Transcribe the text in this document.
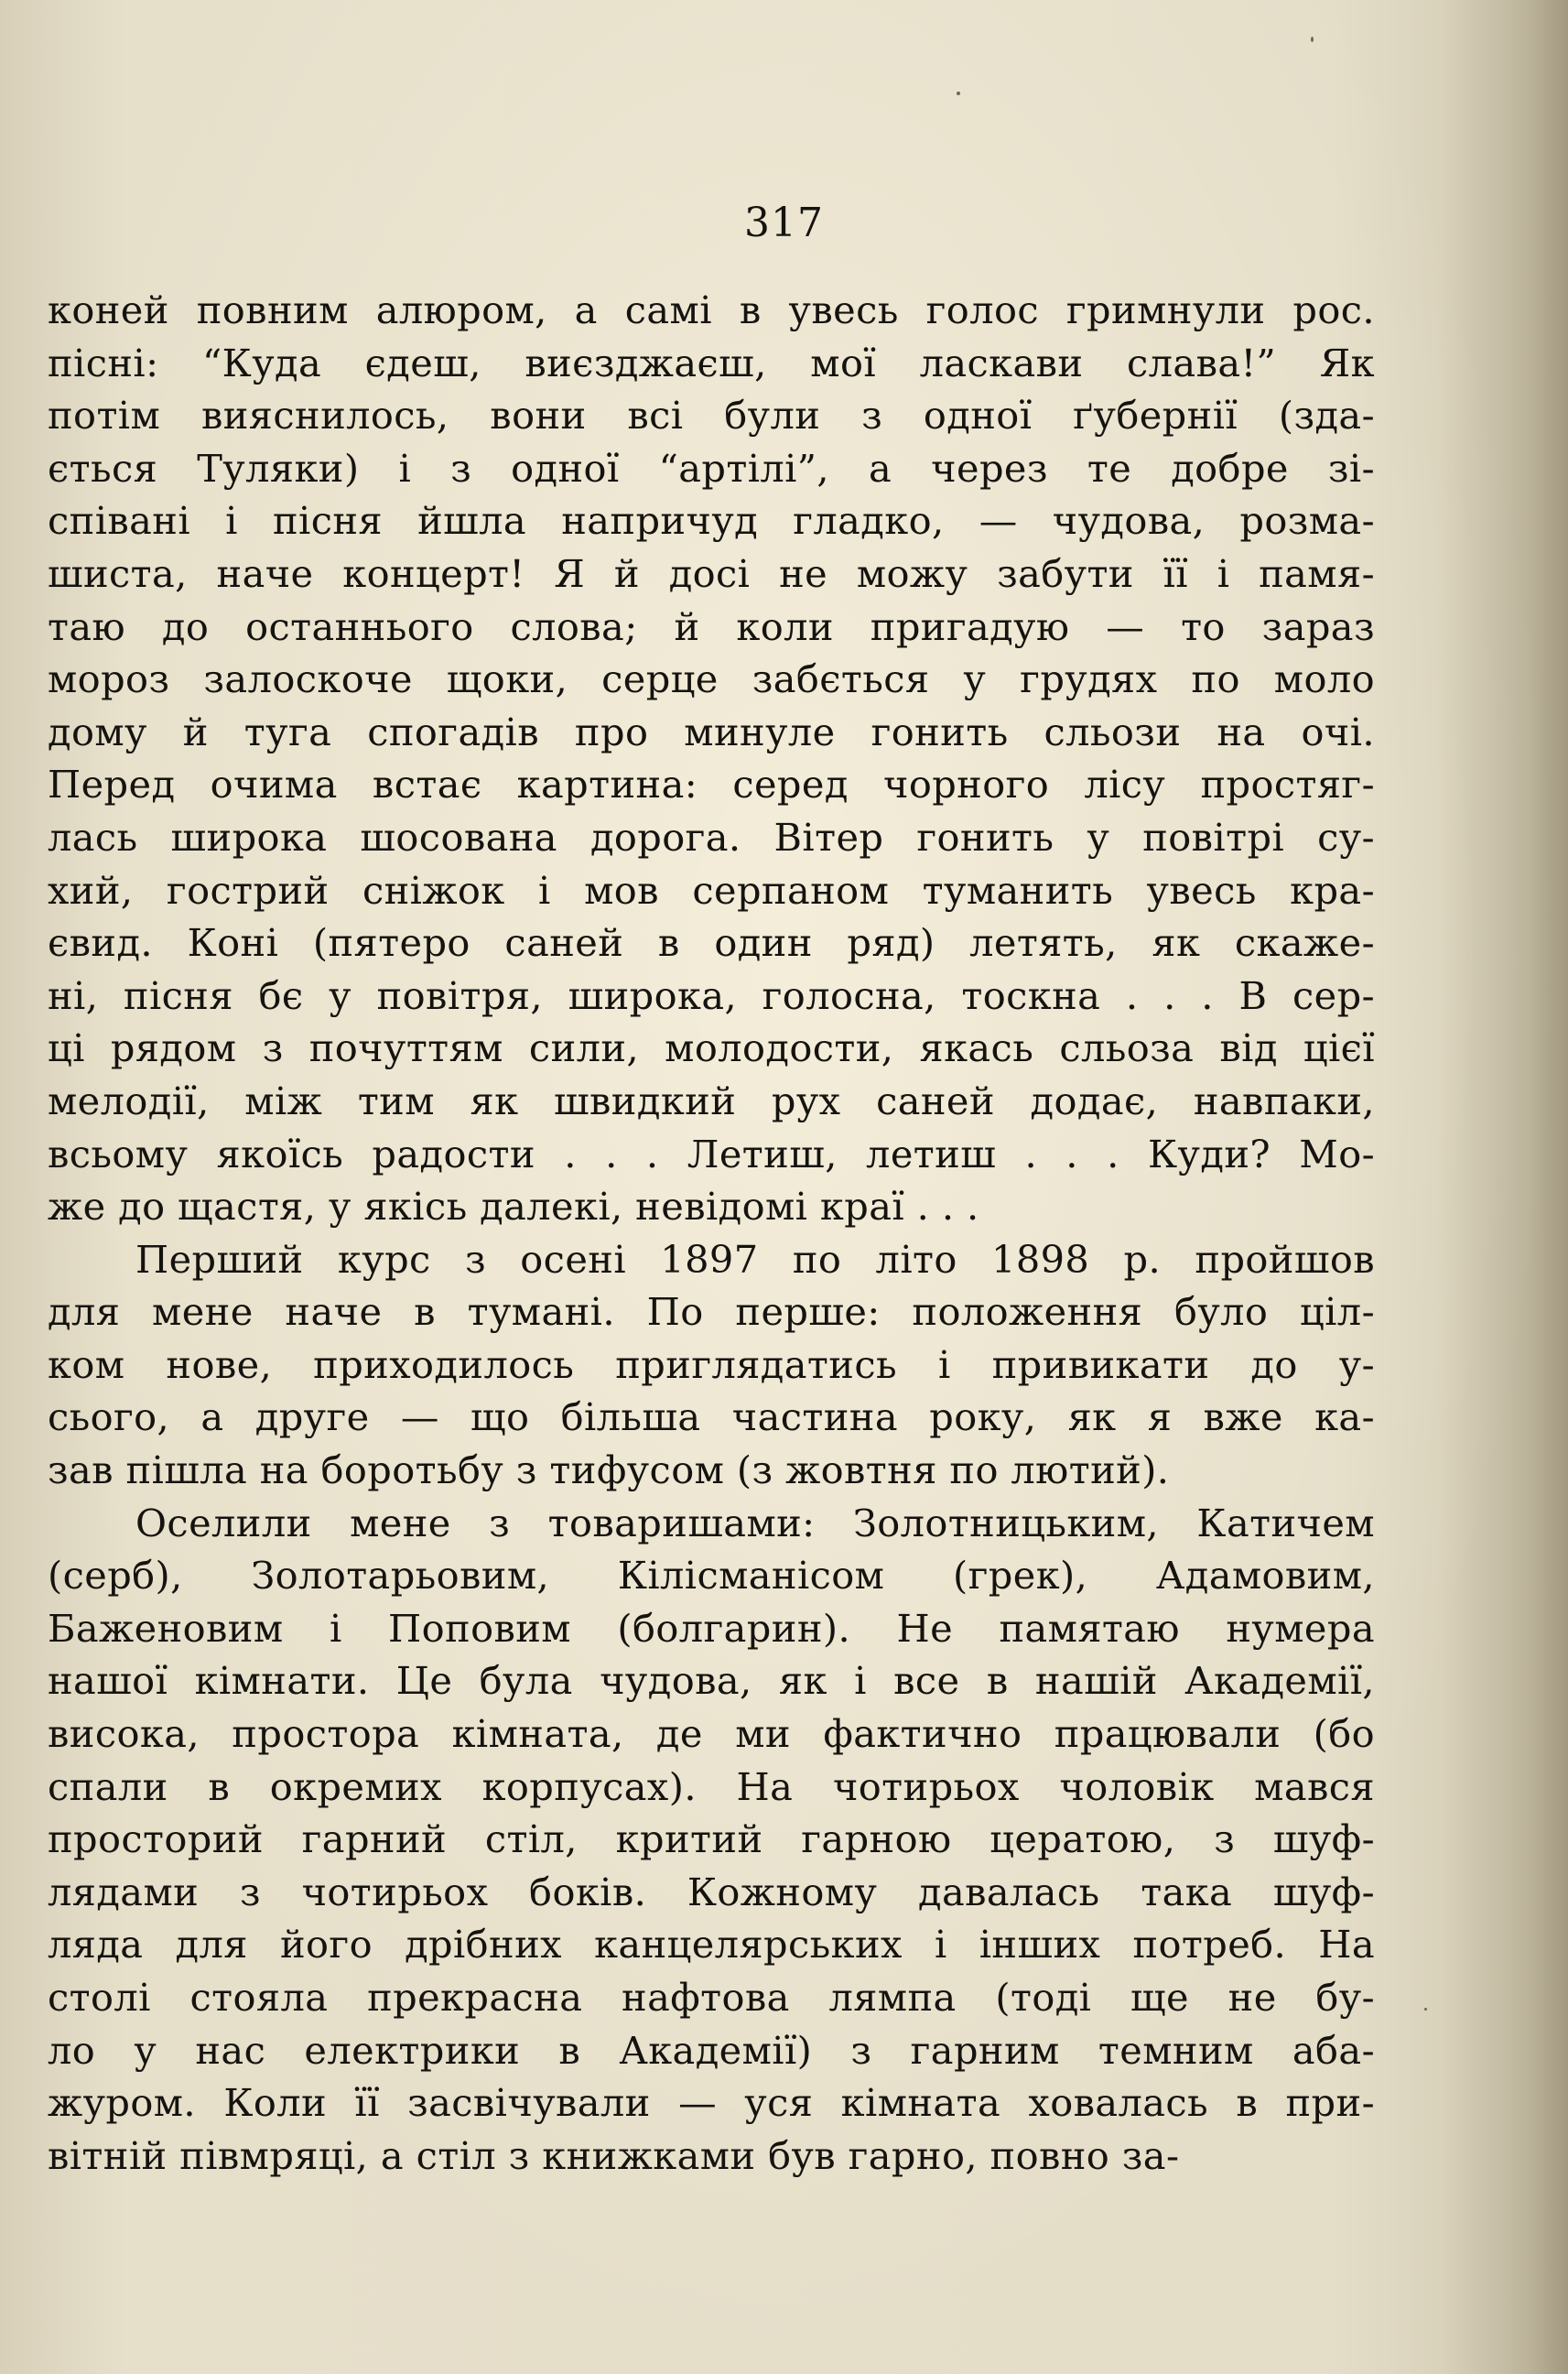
317
коней повним алюром, а самі в увесь голос гримнули рос.
пісні: “Куда єдеш, виєзджаєш, мої ласкави слава!” Як
потім вияснилось, вони всі були з одної ґубернії (зда-
ється Туляки) і з одної “артілі”, а через те добре зі-
співані і пісня йшла напричуд гладко, — чудова, розма-
шиста, наче концерт! Я й досі не можу забути її і памя-
таю до останнього слова; й коли пригадую — то зараз
мороз залоскоче щоки, серце забється у грудях по моло
дому й туга спогадів про минуле гонить сльози на очі.
Перед очима встає картина: серед чорного лісу простяг-
лась широка шосована дорога. Вітер гонить у повітрі су-
хий, гострий сніжок і мов серпаном туманить увесь кра-
євид. Коні (пятеро саней в один ряд) летять, як скаже-
ні, пісня бє у повітря, широка, голосна, тоскна . . . В сер-
ці рядом з почуттям сили, молодости, якась сльоза від цієї
мелодії, між тим як швидкий рух саней додає, навпаки,
всьому якоїсь радости . . . Летиш, летиш . . . Куди? Мо-
же до щастя, у якісь далекі, невідомі краї . . .
Перший курс з осені 1897 по літо 1898 р. пройшов
для мене наче в тумані. По перше: положення було ціл-
ком нове, приходилось приглядатись і привикати до у-
сього, а друге — що більша частина року, як я вже ка-
зав пішла на боротьбу з тифусом (з жовтня по лютий).
Оселили мене з товаришами: Золотницьким, Катичем
(серб), Золотарьовим, Кілісманісом (грек), Адамовим,
Баженовим і Поповим (болгарин). Не памятаю нумера
нашої кімнати. Це була чудова, як і все в нашій Академії,
висока, простора кімната, де ми фактично працювали (бо
спали в окремих корпусах). На чотирьох чоловік мався
просторий гарний стіл, критий гарною цератою, з шуф-
лядами з чотирьох боків. Кожному давалась така шуф-
ляда для його дрібних канцелярських і інших потреб. На
столі стояла прекрасна нафтова лямпа (тоді ще не бу-
ло у нас електрики в Академії) з гарним темним аба-
журом. Коли її засвічували — уся кімната ховалась в при-
вітній півмряці, а стіл з книжками був гарно, повно за-
